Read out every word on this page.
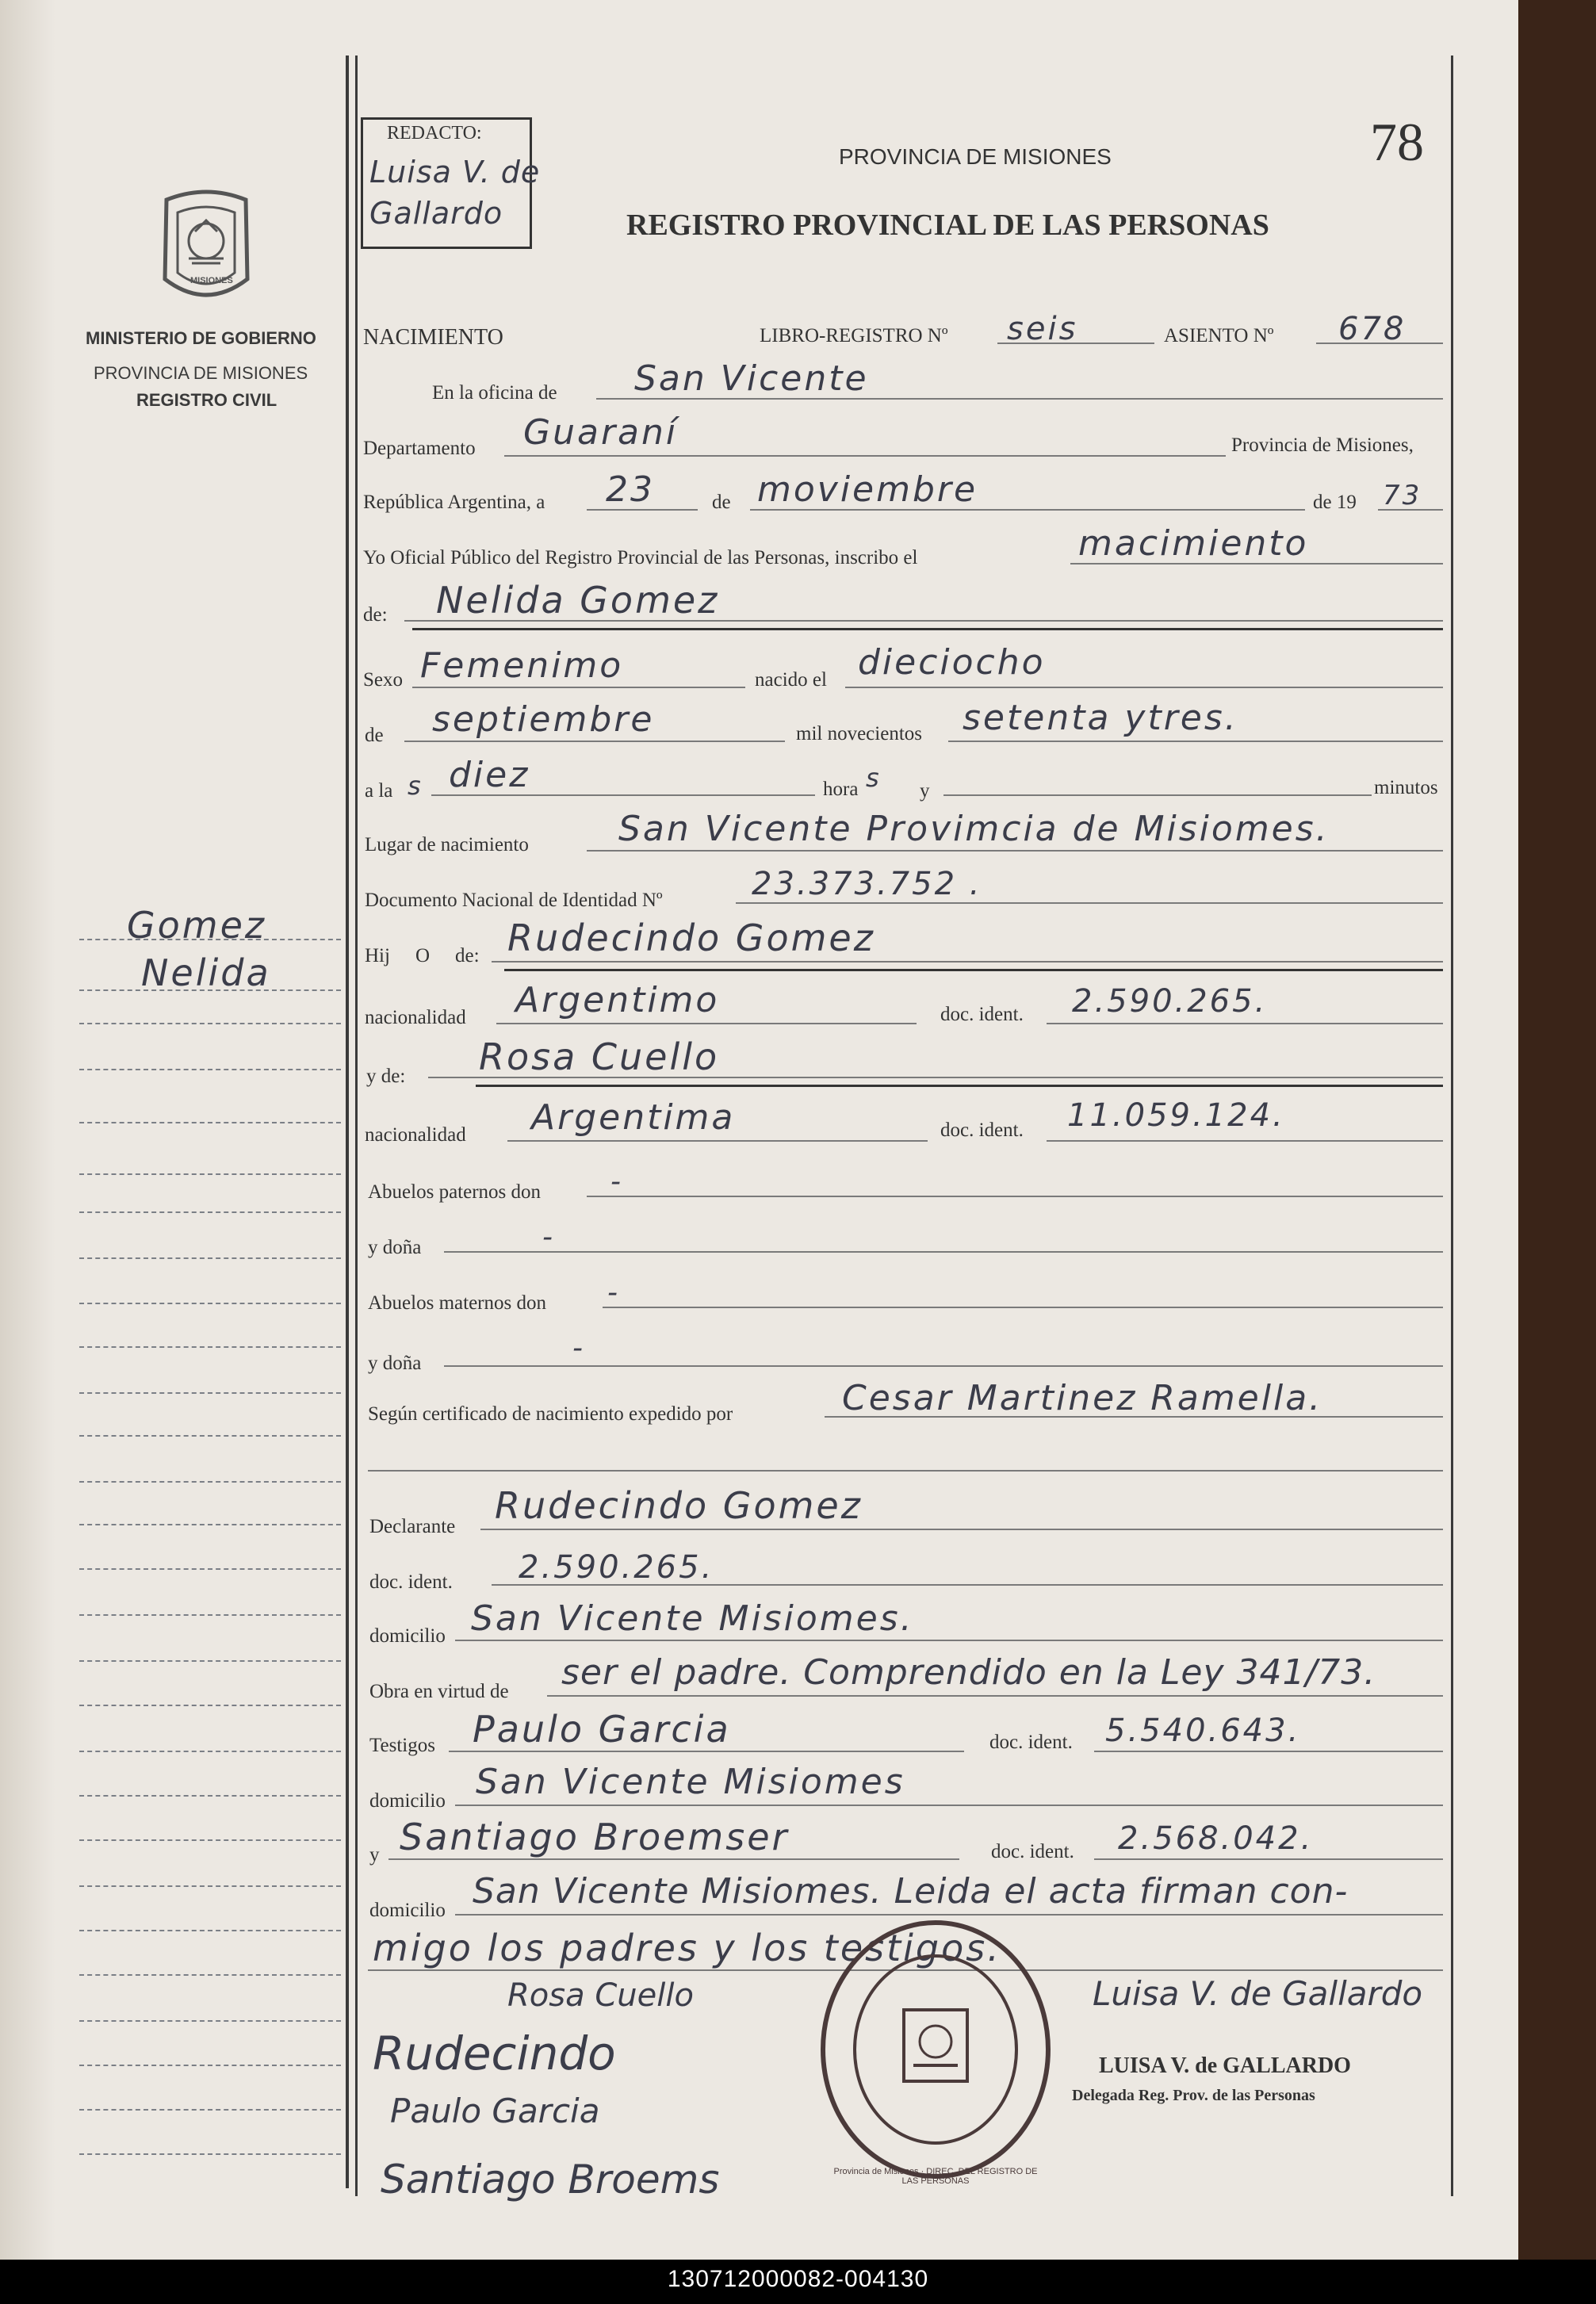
Gomez
Nelida
MISIONES
MINISTERIO DE GOBIERNO
PROVINCIA DE MISIONES
REGISTRO CIVIL
REDACTO:
Luisa V. de
Gallardo
PROVINCIA DE MISIONES
REGISTRO PROVINCIAL DE LAS PERSONAS
78
NACIMIENTO	LIBRO-REGISTRO Nº seis	ASIENTO Nº 678
En la oficina de San Vicente
Departamento Guaraní	Provincia de Misiones,
República Argentina, a 23	de moviembre	de 19 73
Yo Oficial Público del Registro Provincial de las Personas, inscribo el	macimiento
de: Nelida Gomez
Sexo Femenimo	nacido el dieciocho
de septiembre	mil novecientos setenta ytres.
a la s diez	hora s y	minutos
Lugar de nacimiento	San Vicente Provimcia de Misiomes.
Documento Nacional de Identidad Nº	23.373.752 .
Hij O de: Rudecindo Gomez
nacionalidad Argentimo	doc. ident. 2.590.265.
y de: Rosa Cuello
nacionalidad Argentima	doc. ident. 11.059.124.
Abuelos paternos don -
y doña	-
Abuelos maternos don -
y doña	-
Según certificado de nacimiento expedido por	Cesar Martinez Ramella.
Declarante Rudecindo Gomez
doc. ident. 2.590.265.
domicilio San Vicente Misiomes.
Obra en virtud de ser el padre. Comprendido en la Ley 341/73.
Testigos Paulo Garcia	doc. ident. 5.540.643.
domicilio San Vicente Misiomes
y Santiago Broemser	doc. ident. 2.568.042.
domicilio San Vicente Misiomes. Leida el acta firman con-
migo los padres y los testigos.
Rosa Cuello
Rudecindo
Paulo Garcia
Santiago Broems	Provincia de Misiones · DIREC. DEL REGISTRO DE LAS PERSONAS
Luisa V. de Gallardo
LUISA V. de GALLARDO
Delegada Reg. Prov. de las Personas
130712000082-004130
